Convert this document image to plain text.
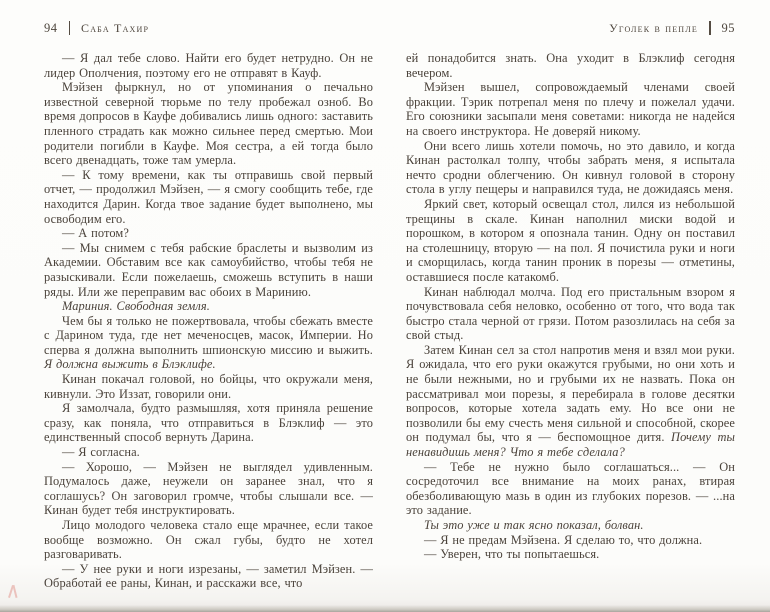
94 Саба Тахир

— Я дал тебе слово. Найти его будет нетрудно. Он не лидер Ополчения, поэтому его не отправят в Кауф.

Мэйзен фыркнул, но от упоминания о печально известной северной тюрьме по телу пробежал озноб. Во время допросов в Кауфе добивались лишь одного: заставить пленного страдать как можно сильнее перед смертью. Мои родители погибли в Кауфе. Моя сестра, а ей тогда было всего двенадцать, тоже там умерла.

— К тому времени, как ты отправишь свой первый отчет, — продолжил Мэйзен, — я смогу сообщить тебе, где находится Дарин. Когда твое задание будет выполнено, мы освободим его.

— А потом?

— Мы снимем с тебя рабские браслеты и вызволим из Академии. Обставим все как самоубийство, чтобы тебя не разыскивали. Если пожелаешь, сможешь вступить в наши ряды. Или же переправим вас обоих в Маринию.

Мариния. Свободная земля.

Чем бы я только не пожертвовала, чтобы сбежать вместе с Дарином туда, где нет меченосцев, масок, Империи. Но сперва я должна выполнить шпионскую миссию и выжить. Я должна выжить в Блэклифе.

Кинан покачал головой, но бойцы, что окружали меня, кивнули. Это Иззат, говорили они.

Я замолчала, будто размышляя, хотя приняла решение сразу, как поняла, что отправиться в Блэклиф — это единственный способ вернуть Дарина.

— Я согласна.

— Хорошо, — Мэйзен не выглядел удивленным. Подумалось даже, неужели он заранее знал, что я соглашусь? Он заговорил громче, чтобы слышали все. — Кинан будет тебя инструктировать.

Лицо молодого человека стало еще мрачнее, если такое вообще возможно. Он сжал губы, будто не хотел разговаривать.

— У нее руки и ноги изрезаны, — заметил Мэйзен. — Обработай ее раны, Кинан, и расскажи все, что

Уголек в пепле 95

ей понадобится знать. Она уходит в Блэклиф сегодня вечером.

Мэйзен вышел, сопровождаемый членами своей фракции. Тэрик потрепал меня по плечу и пожелал удачи. Его союзники засыпали меня советами: никогда не надейся на своего инструктора. Не доверяй никому.

Они всего лишь хотели помочь, но это давило, и когда Кинан растолкал толпу, чтобы забрать меня, я испытала нечто сродни облегчению. Он кивнул головой в сторону стола в углу пещеры и направился туда, не дожидаясь меня.

Яркий свет, который освещал стол, лился из небольшой трещины в скале. Кинан наполнил миски водой и порошком, в котором я опознала танин. Одну он поставил на столешницу, вторую — на пол. Я почистила руки и ноги и сморщилась, когда танин проник в порезы — отметины, оставшиеся после катакомб.

Кинан наблюдал молча. Под его пристальным взором я почувствовала себя неловко, особенно от того, что вода так быстро стала черной от грязи. Потом разозлилась на себя за свой стыд.

Затем Кинан сел за стол напротив меня и взял мои руки. Я ожидала, что его руки окажутся грубыми, но они хоть и не были нежными, но и грубыми их не назвать. Пока он рассматривал мои порезы, я перебирала в голове десятки вопросов, которые хотела задать ему. Но все они не позволили бы ему счесть меня сильной и способной, скорее он подумал бы, что я — беспомощное дитя. Почему ты ненавидишь меня? Что я тебе сделала?

— Тебе не нужно было соглашаться... — Он сосредоточил все внимание на моих ранах, втирая обезболивающую мазь в один из глубоких порезов. — ...на это задание.

Ты это уже и так ясно показал, болван.

— Я не предам Мэйзена. Я сделаю то, что должна.

— Уверен, что ты попытаешься.
